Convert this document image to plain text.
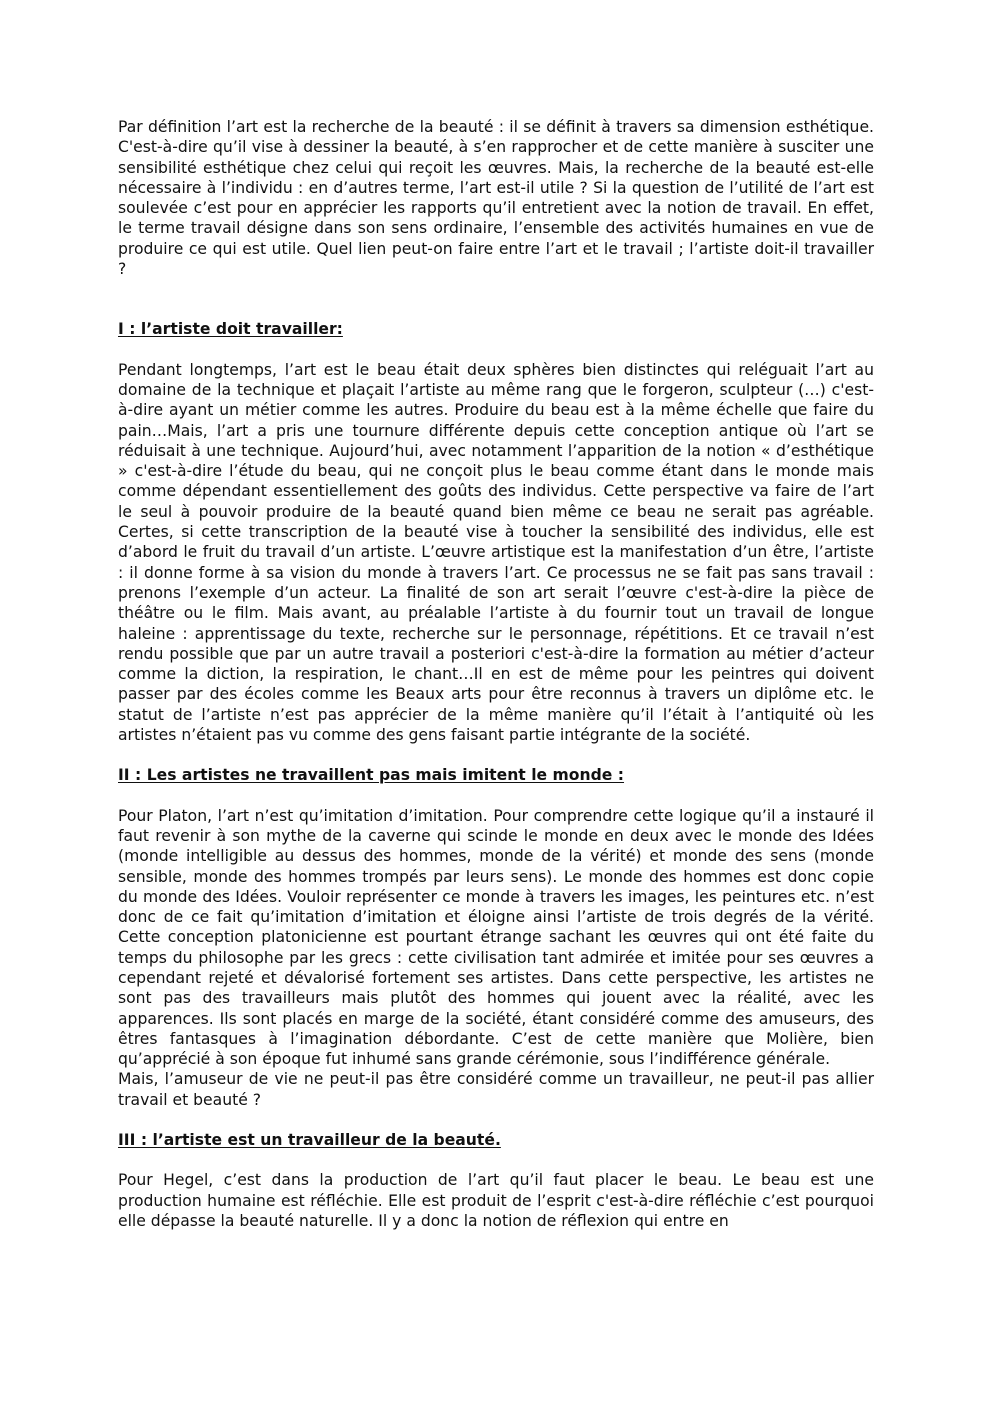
Par définition l’art est la recherche de la beauté : il se définit à travers sa dimension esthétique. C'est-à-dire qu’il vise à dessiner la beauté, à s’en rapprocher et de cette manière à susciter une sensibilité esthétique chez celui qui reçoit les œuvres. Mais, la recherche de la beauté est-elle nécessaire à l’individu : en d’autres terme, l’art est-il utile ? Si la question de l’utilité de l’art est soulevée c’est pour en apprécier les rapports qu’il entretient avec la notion de travail. En effet, le terme travail désigne dans son sens ordinaire, l’ensemble des activités humaines en vue de produire ce qui est utile. Quel lien peut-on faire entre l’art et le travail ; l’artiste doit-il travailler ?

I : l’artiste doit travailler:

Pendant longtemps, l’art est le beau était deux sphères bien distinctes qui reléguait l’art au domaine de la technique et plaçait l’artiste au même rang que le forgeron, sculpteur (…) c'est-à-dire ayant un métier comme les autres. Produire du beau est à la même échelle que faire du pain…Mais, l’art a pris une tournure différente depuis cette conception antique où l’art se réduisait à une technique. Aujourd’hui, avec notamment l’apparition de la notion « d’esthétique » c'est-à-dire l’étude du beau, qui ne conçoit plus le beau comme étant dans le monde mais comme dépendant essentiellement des goûts des individus. Cette perspective va faire de l’art le seul à pouvoir produire de la beauté quand bien même ce beau ne serait pas agréable. Certes, si cette transcription de la beauté vise à toucher la sensibilité des individus, elle est d’abord le fruit du travail d’un artiste. L’œuvre artistique est la manifestation d’un être, l’artiste : il donne forme à sa vision du monde à travers l’art. Ce processus ne se fait pas sans travail : prenons l’exemple d’un acteur. La finalité de son art serait l’œuvre c'est-à-dire la pièce de théâtre ou le film. Mais avant, au préalable l’artiste à du fournir tout un travail de longue haleine : apprentissage du texte, recherche sur le personnage, répétitions. Et ce travail n’est rendu possible que par un autre travail a posteriori c'est-à-dire la formation au métier d’acteur comme la diction, la respiration, le chant…Il en est de même pour les peintres qui doivent passer par des écoles comme les Beaux arts pour être reconnus à travers un diplôme etc. le statut de l’artiste n’est pas apprécier de la même manière qu’il l’était à l’antiquité où les artistes n’étaient pas vu comme des gens faisant partie intégrante de la société.

II : Les artistes ne travaillent pas mais imitent le monde :

Pour Platon, l’art n’est qu’imitation d’imitation. Pour comprendre cette logique qu’il a instauré il faut revenir à son mythe de la caverne qui scinde le monde en deux avec le monde des Idées (monde intelligible au dessus des hommes, monde de la vérité) et monde des sens (monde sensible, monde des hommes trompés par leurs sens). Le monde des hommes est donc copie du monde des Idées. Vouloir représenter ce monde à travers les images, les peintures etc. n’est donc de ce fait qu’imitation d’imitation et éloigne ainsi l’artiste de trois degrés de la vérité. Cette conception platonicienne est pourtant étrange sachant les œuvres qui ont été faite du temps du philosophe par les grecs : cette civilisation tant admirée et imitée pour ses œuvres a cependant rejeté et dévalorisé fortement ses artistes. Dans cette perspective, les artistes ne sont pas des travailleurs mais plutôt des hommes qui jouent avec la réalité, avec les apparences. Ils sont placés en marge de la société, étant considéré comme des amuseurs, des êtres fantasques à l’imagination débordante. C’est de cette manière que Molière, bien qu’apprécié à son époque fut inhumé sans grande cérémonie, sous l’indifférence générale.

Mais, l’amuseur de vie ne peut-il pas être considéré comme un travailleur, ne peut-il pas allier travail et beauté ?

III : l’artiste est un travailleur de la beauté.

Pour Hegel, c’est dans la production de l’art qu’il faut placer le beau. Le beau est une production humaine est réfléchie. Elle est produit de l’esprit c'est-à-dire réfléchie c’est pourquoi elle dépasse la beauté naturelle. Il y a donc la notion de réflexion qui entre en
